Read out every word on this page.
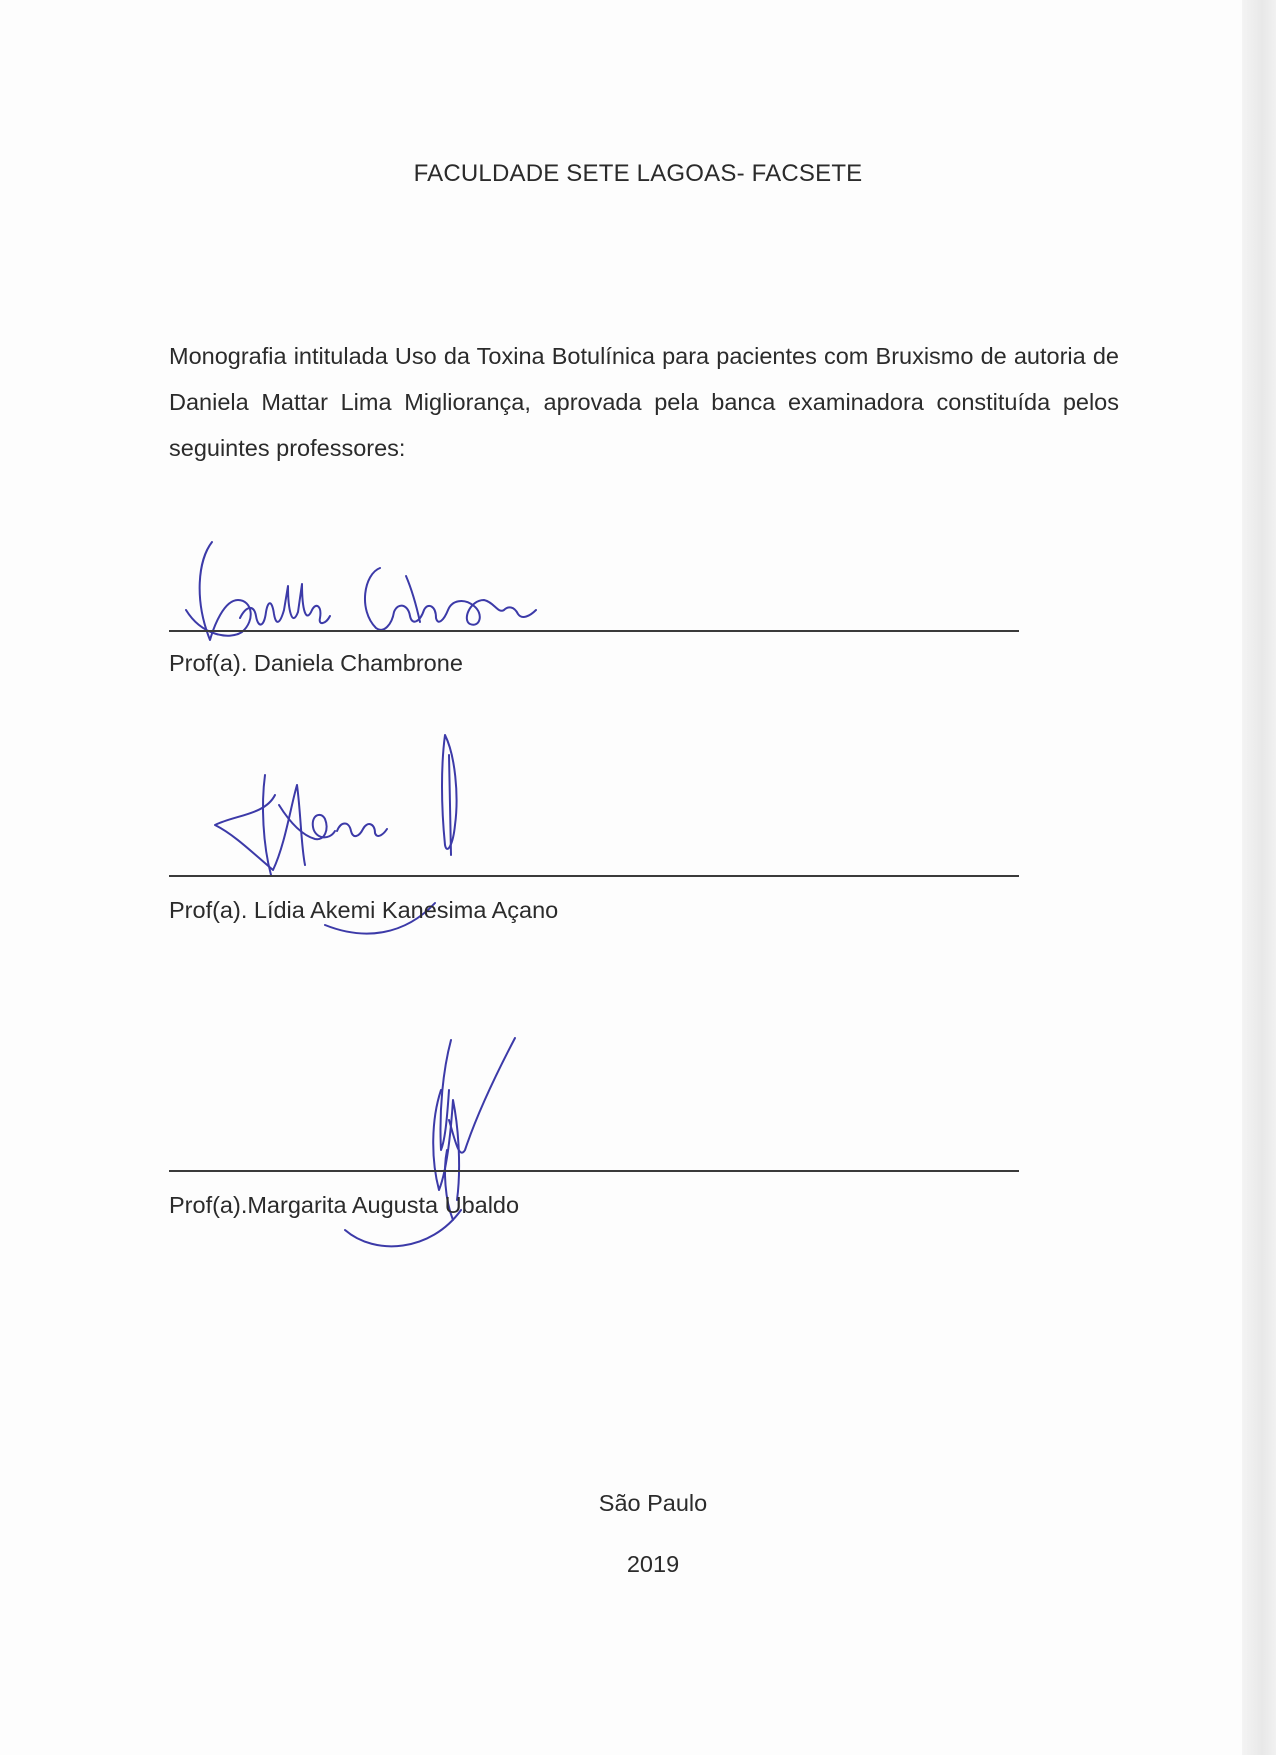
FACULDADE SETE LAGOAS- FACSETE

Monografia intitulada Uso da Toxina Botulínica para pacientes com Bruxismo de autoria de Daniela Mattar Lima Migliorança, aprovada pela banca examinadora constituída pelos seguintes professores:

Prof(a). Daniela Chambrone
Prof(a). Lídia Akemi Kanesima Açano
Prof(a).Margarita Augusta Ubaldo
São Paulo
2019
